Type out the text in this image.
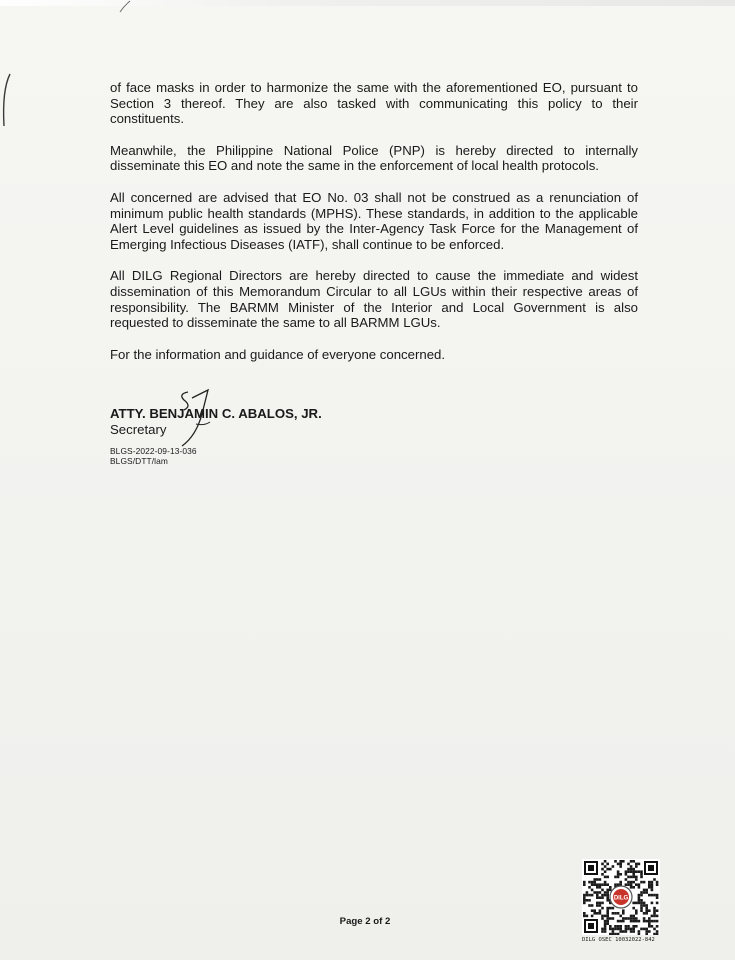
of face masks in order to harmonize the same with the aforementioned EO, pursuant to Section 3 thereof. They are also tasked with communicating this policy to their constituents.

Meanwhile, the Philippine National Police (PNP) is hereby directed to internally disseminate this EO and note the same in the enforcement of local health protocols.

All concerned are advised that EO No. 03 shall not be construed as a renunciation of minimum public health standards (MPHS). These standards, in addition to the applicable Alert Level guidelines as issued by the Inter-Agency Task Force for the Management of Emerging Infectious Diseases (IATF), shall continue to be enforced.

All DILG Regional Directors are hereby directed to cause the immediate and widest dissemination of this Memorandum Circular to all LGUs within their respective areas of responsibility. The BARMM Minister of the Interior and Local Government is also requested to disseminate the same to all BARMM LGUs.

For the information and guidance of everyone concerned.

ATTY. BENJAMIN C. ABALOS, JR.
Secretary
BLGS-2022-09-13-036
BLGS/DTT/lam
Page 2 of 2
DILG
DILG OSEC 10032022-842
